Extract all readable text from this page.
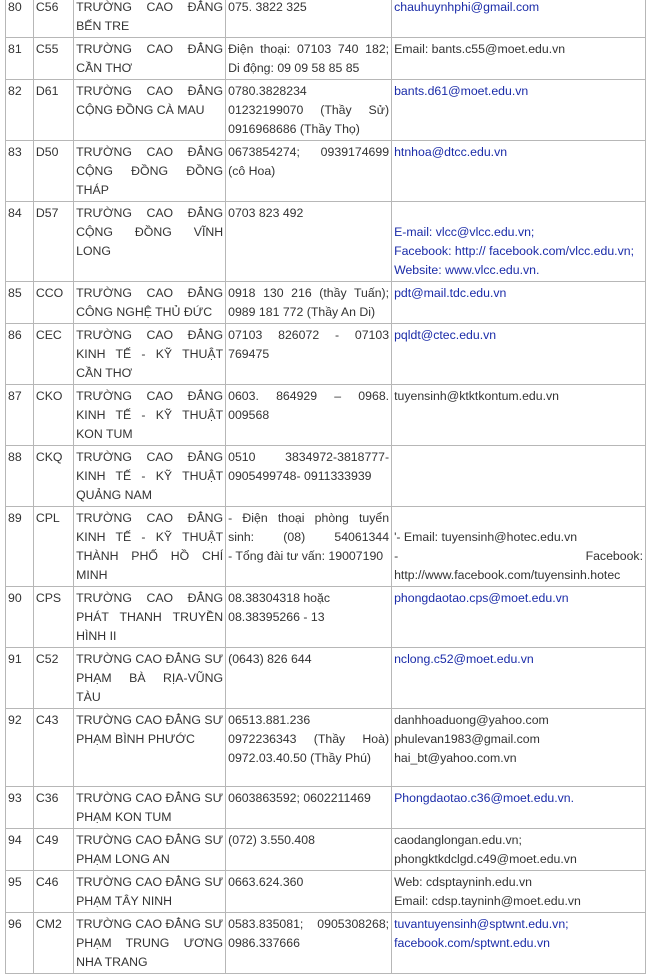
80	C56	TRƯỜNG CAO ĐẲNG
BẾN TRE	075. 3822 325	chauhuynhphi@gmail.com

81	C55	TRƯỜNG CAO ĐẲNG
CẦN THƠ	Điện thoại: 07103 740 182;
Di động: 09 09 58 85 85	Email: bants.c55@moet.edu.vn

82	D61	TRƯỜNG CAO ĐẲNG
CỘNG ĐỒNG CÀ MAU	0780.3828234
01232199070 (Thầy Sử)
0916968686 (Thầy Thọ)	bants.d61@moet.edu.vn

83	D50	TRƯỜNG CAO ĐẲNG
CỘNG ĐỒNG ĐỒNG
THÁP	0673854274; 0939174699
(cô Hoa)	htnhoa@dtcc.edu.vn

84	D57	TRƯỜNG CAO ĐẲNG
CỘNG ĐỒNG VĨNH
LONG	0703 823 492	E-mail: vlcc@vlcc.edu.vn;
Facebook: http:// facebook.com/vlcc.edu.vn;
Website: www.vlcc.edu.vn.

85	CCO	TRƯỜNG CAO ĐẲNG
CÔNG NGHỆ THỦ ĐỨC	0918 130 216 (thầy Tuấn);
0989 181 772 (Thầy An Di)	pdt@mail.tdc.edu.vn

86	CEC	TRƯỜNG CAO ĐẲNG
KINH TẾ - KỸ THUẬT
CẦN THƠ	07103 826072 - 07103
769475	pqldt@ctec.edu.vn

87	CKO	TRƯỜNG CAO ĐẲNG
KINH TẾ - KỸ THUẬT
KON TUM	0603. 864929 – 0968.
009568	tuyensinh@ktktkontum.edu.vn

88	CKQ	TRƯỜNG CAO ĐẲNG
KINH TẾ - KỸ THUẬT
QUẢNG NAM	0510 3834972-3818777-
0905499748- 0911333939	

89	CPL	TRƯỜNG CAO ĐẲNG
KINH TẾ - KỸ THUẬT
THÀNH PHỐ HỒ CHÍ
MINH	- Điện thoại phòng tuyển
sinh: (08) 54061344
- Tổng đài tư vấn: 19007190	'- Email: tuyensinh@hotec.edu.vn
- Facebook:
http://www.facebook.com/tuyensinh.hotec

90	CPS	TRƯỜNG CAO ĐẲNG
PHÁT THANH TRUYỀN
HÌNH II	08.38304318 hoặc
08.38395266 - 13	phongdaotao.cps@moet.edu.vn

91	C52	TRƯỜNG CAO ĐẲNG SƯ
PHẠM BÀ RỊA-VŨNG
TÀU	(0643) 826 644	nclong.c52@moet.edu.vn

92	C43	TRƯỜNG CAO ĐẲNG SƯ
PHẠM BÌNH PHƯỚC	06513.881.236
0972236343 (Thầy Hoà)
0972.03.40.50 (Thầy Phú)	danhhoaduong@yahoo.com
phulevan1983@gmail.com
hai_bt@yahoo.com.vn

93	C36	TRƯỜNG CAO ĐẲNG SƯ
PHẠM KON TUM	0603863592; 0602211469	Phongdaotao.c36@moet.edu.vn.

94	C49	TRƯỜNG CAO ĐẲNG SƯ
PHẠM LONG AN	(072) 3.550.408	caodanglongan.edu.vn;
phongktkdclgd.c49@moet.edu.vn

95	C46	TRƯỜNG CAO ĐẲNG SƯ
PHẠM TÂY NINH	0663.624.360	Web: cdsptayninh.edu.vn
Email: cdsp.tayninh@moet.edu.vn

96	CM2	TRƯỜNG CAO ĐẲNG SƯ
PHẠM TRUNG ƯƠNG
NHA TRANG	0583.835081; 0905308268;
0986.337666	tuvantuyensinh@sptwnt.edu.vn;
facebook.com/sptwnt.edu.vn
